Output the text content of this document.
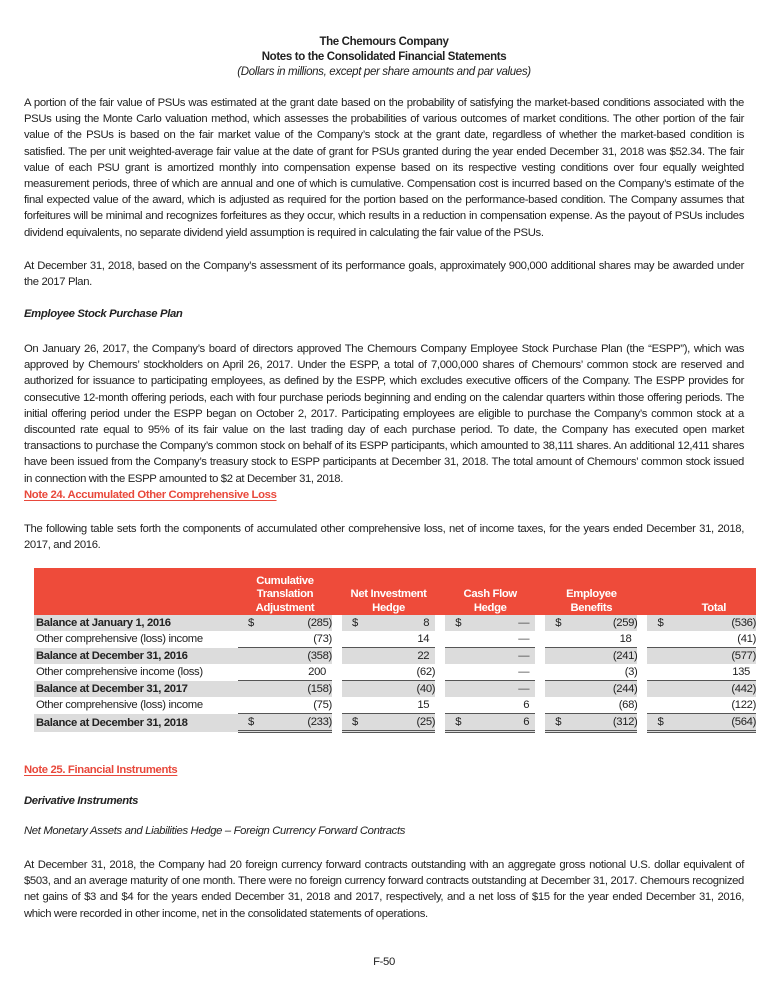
The Chemours Company
Notes to the Consolidated Financial Statements
(Dollars in millions, except per share amounts and par values)

A portion of the fair value of PSUs was estimated at the grant date based on the probability of satisfying the market-based conditions associated with the PSUs using the Monte Carlo valuation method, which assesses the probabilities of various outcomes of market conditions. The other portion of the fair value of the PSUs is based on the fair market value of the Company’s stock at the grant date, regardless of whether the market-based condition is satisfied. The per unit weighted-average fair value at the date of grant for PSUs granted during the year ended December 31, 2018 was $52.34. The fair value of each PSU grant is amortized monthly into compensation expense based on its respective vesting conditions over four equally weighted measurement periods, three of which are annual and one of which is cumulative. Compensation cost is incurred based on the Company’s estimate of the final expected value of the award, which is adjusted as required for the portion based on the performance-based condition. The Company assumes that forfeitures will be minimal and recognizes forfeitures as they occur, which results in a reduction in compensation expense. As the payout of PSUs includes dividend equivalents, no separate dividend yield assumption is required in calculating the fair value of the PSUs.

At December 31, 2018, based on the Company’s assessment of its performance goals, approximately 900,000 additional shares may be awarded under the 2017 Plan.

Employee Stock Purchase Plan

On January 26, 2017, the Company’s board of directors approved The Chemours Company Employee Stock Purchase Plan (the “ESPP”), which was approved by Chemours’ stockholders on April 26, 2017. Under the ESPP, a total of 7,000,000 shares of Chemours’ common stock are reserved and authorized for issuance to participating employees, as defined by the ESPP, which excludes executive officers of the Company. The ESPP provides for consecutive 12-month offering periods, each with four purchase periods beginning and ending on the calendar quarters within those offering periods. The initial offering period under the ESPP began on October 2, 2017. Participating employees are eligible to purchase the Company’s common stock at a discounted rate equal to 95% of its fair value on the last trading day of each purchase period. To date, the Company has executed open market transactions to purchase the Company’s common stock on behalf of its ESPP participants, which amounted to 38,111 shares. An additional 12,411 shares have been issued from the Company’s treasury stock to ESPP participants at December 31, 2018. The total amount of Chemours’ common stock issued in connection with the ESPP amounted to $2 at December 31, 2018.

Note 24. Accumulated Other Comprehensive Loss

The following table sets forth the components of accumulated other comprehensive loss, net of income taxes, for the years ended December 31, 2018, 2017, and 2016.

	Cumulative
Translation
Adjustment			Net Investment
Hedge			Cash Flow
Hedge			Employee
Benefits			Total	
Balance at January 1, 2016	$	(285)		$	8		$	—		$	(259)		$	(536)
Other comprehensive (loss) income		(73)			14			—			18			(41)
Balance at December 31, 2016		(358)			22			—			(241)			(577)
Other comprehensive income (loss)		200			(62)			—			(3)			135
Balance at December 31, 2017		(158)			(40)			—			(244)			(442)
Other comprehensive (loss) income		(75)			15			6			(68)			(122)
Balance at December 31, 2018	$	(233)		$	(25)		$	6		$	(312)		$	(564)
Note 25. Financial Instruments
Derivative Instruments
Net Monetary Assets and Liabilities Hedge – Foreign Currency Forward Contracts

At December 31, 2018, the Company had 20 foreign currency forward contracts outstanding with an aggregate gross notional U.S. dollar equivalent of $503, and an average maturity of one month. There were no foreign currency forward contracts outstanding at December 31, 2017. Chemours recognized net gains of $3 and $4 for the years ended December 31, 2018 and 2017, respectively, and a net loss of $15 for the year ended December 31, 2016, which were recorded in other income, net in the consolidated statements of operations.

F-50
